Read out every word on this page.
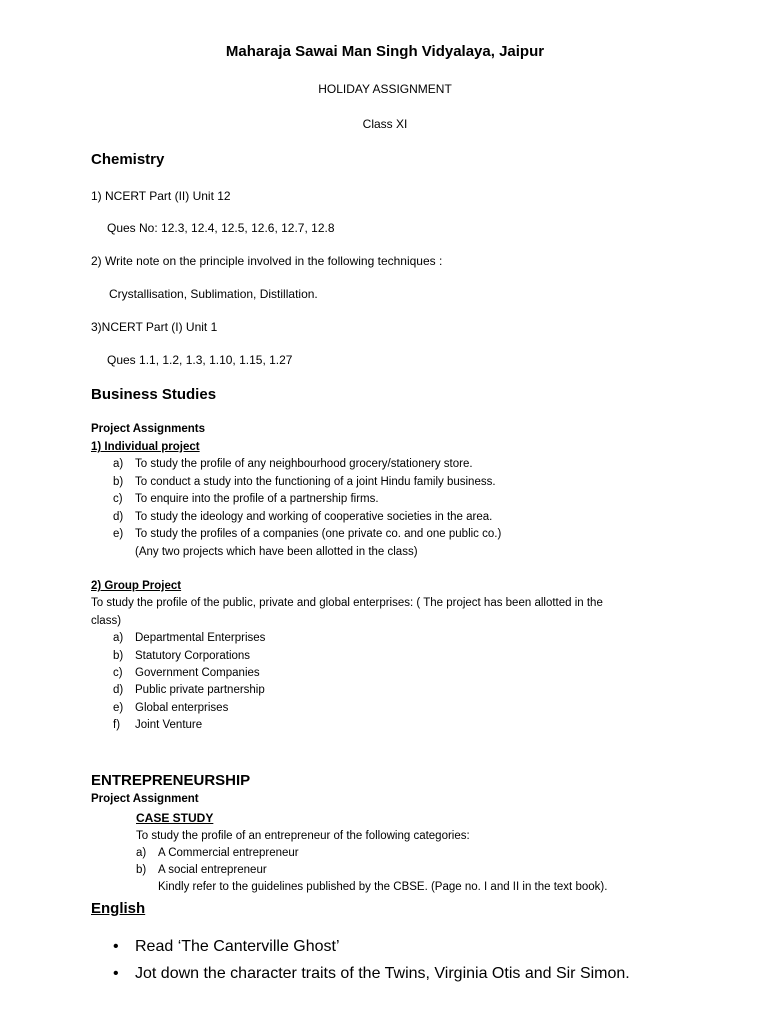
Maharaja Sawai Man Singh Vidyalaya, Jaipur
HOLIDAY ASSIGNMENT
Class XI
Chemistry
1) NCERT Part (II) Unit 12
Ques No: 12.3, 12.4, 12.5, 12.6, 12.7, 12.8
2) Write note on the principle involved in the following techniques :
Crystallisation, Sublimation, Distillation.
3)NCERT Part (I) Unit 1
Ques 1.1, 1.2, 1.3, 1.10, 1.15, 1.27
Business Studies
Project Assignments
1) Individual project
a) To study the profile of any neighbourhood grocery/stationery store.
b) To conduct a study into the functioning of a joint Hindu family business.
c) To enquire into the profile of a partnership firms.
d) To study the ideology and working of cooperative societies in the area.
e) To study the profiles of a companies (one private co. and one public co.)
(Any two projects which have been allotted in the class)
2) Group Project
To study the profile of the public, private and global enterprises: ( The project has been allotted in the
class)
a) Departmental Enterprises
b) Statutory Corporations
c) Government Companies
d) Public private partnership
e) Global enterprises
f) Joint Venture
ENTREPRENEURSHIP
Project Assignment
CASE STUDY
To study the profile of an entrepreneur of the following categories:
a) A Commercial entrepreneur
b) A social entrepreneur
Kindly refer to the guidelines published by the CBSE. (Page no. I and II in the text book).
English
• Read ‘The Canterville Ghost’
• Jot down the character traits of the Twins, Virginia Otis and Sir Simon.
